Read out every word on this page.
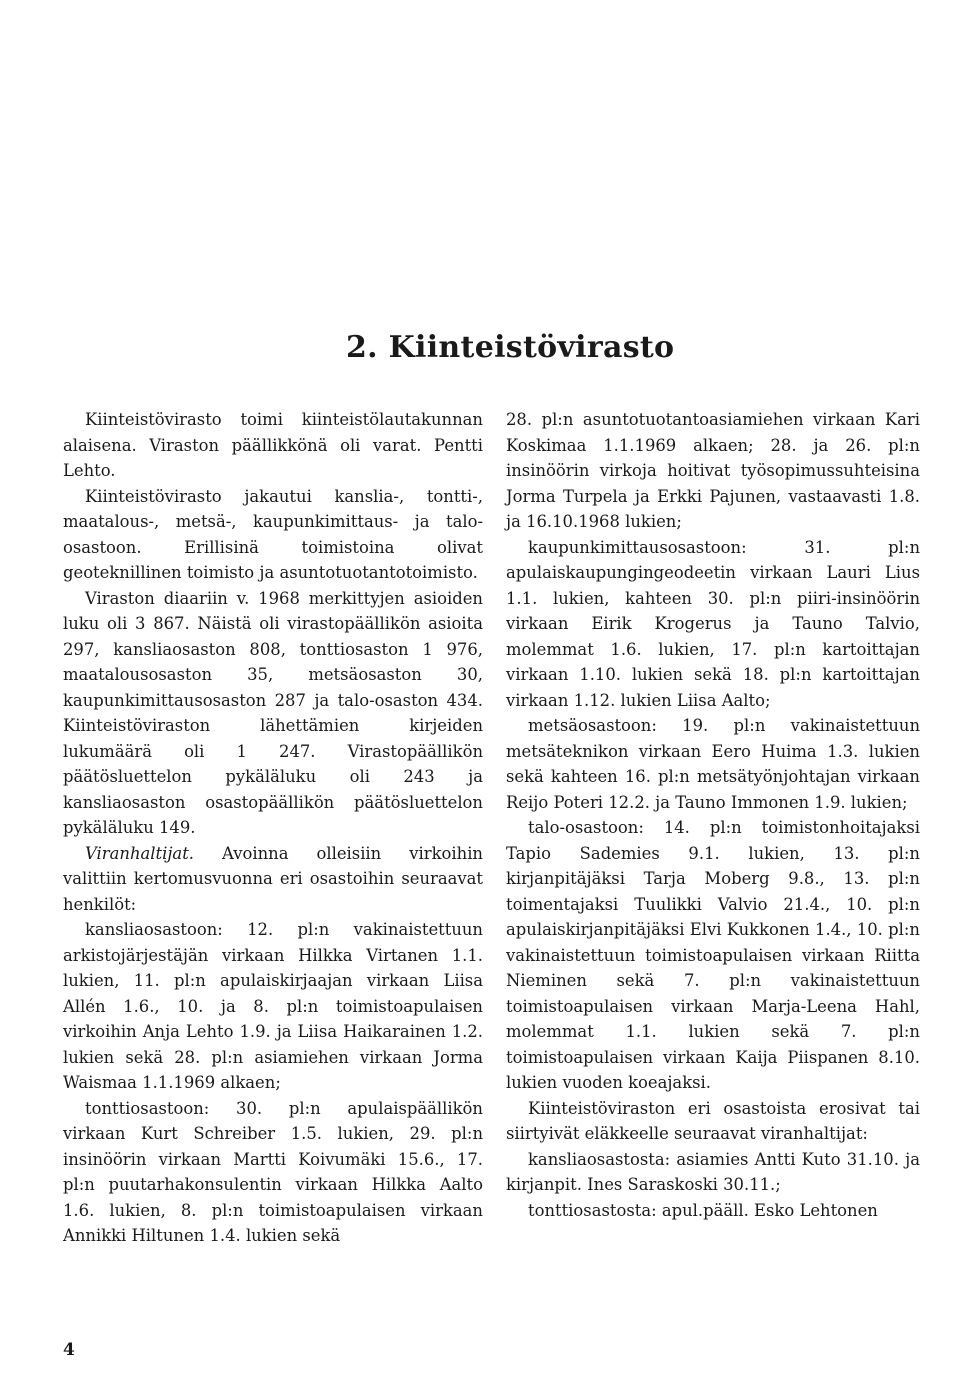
2. Kiinteistövirasto

Kiinteistövirasto toimi kiinteistölautakunnan alaisena. Viraston päällikkönä oli varat. Pentti Lehto.

Kiinteistövirasto jakautui kanslia-, tontti-, maatalous-, metsä-, kaupunkimittaus- ja talo-osastoon. Erillisinä toimistoina olivat geoteknillinen toimisto ja asuntotuotantotoimisto.

Viraston diaariin v. 1968 merkittyjen asioiden luku oli 3 867. Näistä oli virastopäällikön asioita 297, kansliaosaston 808, tonttiosaston 1 976, maatalousosaston 35, metsäosaston 30, kaupunkimittausosaston 287 ja talo-osaston 434. Kiinteistöviraston lähettämien kirjeiden lukumäärä oli 1 247. Virastopäällikön päätösluettelon pykäläluku oli 243 ja kansliaosaston osastopäällikön päätösluettelon pykäläluku 149.

Viranhaltijat. Avoinna olleisiin virkoihin valittiin kertomusvuonna eri osastoihin seuraavat henkilöt:

kansliaosastoon: 12. pl:n vakinaistettuun arkistojärjestäjän virkaan Hilkka Virtanen 1.1. lukien, 11. pl:n apulaiskirjaajan virkaan Liisa Allén 1.6., 10. ja 8. pl:n toimistoapulaisen virkoihin Anja Lehto 1.9. ja Liisa Haikarainen 1.2. lukien sekä 28. pl:n asiamiehen virkaan Jorma Waismaa 1.1.1969 alkaen;

tonttiosastoon: 30. pl:n apulaispäällikön virkaan Kurt Schreiber 1.5. lukien, 29. pl:n insinöörin virkaan Martti Koivumäki 15.6., 17. pl:n puutarhakonsulentin virkaan Hilkka Aalto 1.6. lukien, 8. pl:n toimistoapulaisen virkaan Annikki Hiltunen 1.4. lukien sekä

28. pl:n asuntotuotantoasiamiehen virkaan Kari Koskimaa 1.1.1969 alkaen; 28. ja 26. pl:n insinöörin virkoja hoitivat työsopimussuhteisina Jorma Turpela ja Erkki Pajunen, vastaavasti 1.8. ja 16.10.1968 lukien;

kaupunkimittausosastoon: 31. pl:n apulaiskaupungingeodeetin virkaan Lauri Lius 1.1. lukien, kahteen 30. pl:n piiri-insinöörin virkaan Eirik Krogerus ja Tauno Talvio, molemmat 1.6. lukien, 17. pl:n kartoittajan virkaan 1.10. lukien sekä 18. pl:n kartoittajan virkaan 1.12. lukien Liisa Aalto;

metsäosastoon: 19. pl:n vakinaistettuun metsäteknikon virkaan Eero Huima 1.3. lukien sekä kahteen 16. pl:n metsätyönjohtajan virkaan Reijo Poteri 12.2. ja Tauno Immonen 1.9. lukien;

talo-osastoon: 14. pl:n toimistonhoitajaksi Tapio Sademies 9.1. lukien, 13. pl:n kirjanpitäjäksi Tarja Moberg 9.8., 13. pl:n toimentajaksi Tuulikki Valvio 21.4., 10. pl:n apulaiskirjanpitäjäksi Elvi Kukkonen 1.4., 10. pl:n vakinaistettuun toimistoapulaisen virkaan Riitta Nieminen sekä 7. pl:n vakinaistettuun toimistoapulaisen virkaan Marja-Leena Hahl, molemmat 1.1. lukien sekä 7. pl:n toimistoapulaisen virkaan Kaija Piispanen 8.10. lukien vuoden koeajaksi.

Kiinteistöviraston eri osastoista erosivat tai siirtyivät eläkkeelle seuraavat viranhaltijat:

kansliaosastosta: asiamies Antti Kuto 31.10. ja kirjanpit. Ines Saraskoski 30.11.;

tonttiosastosta: apul.pääll. Esko Lehtonen

4
